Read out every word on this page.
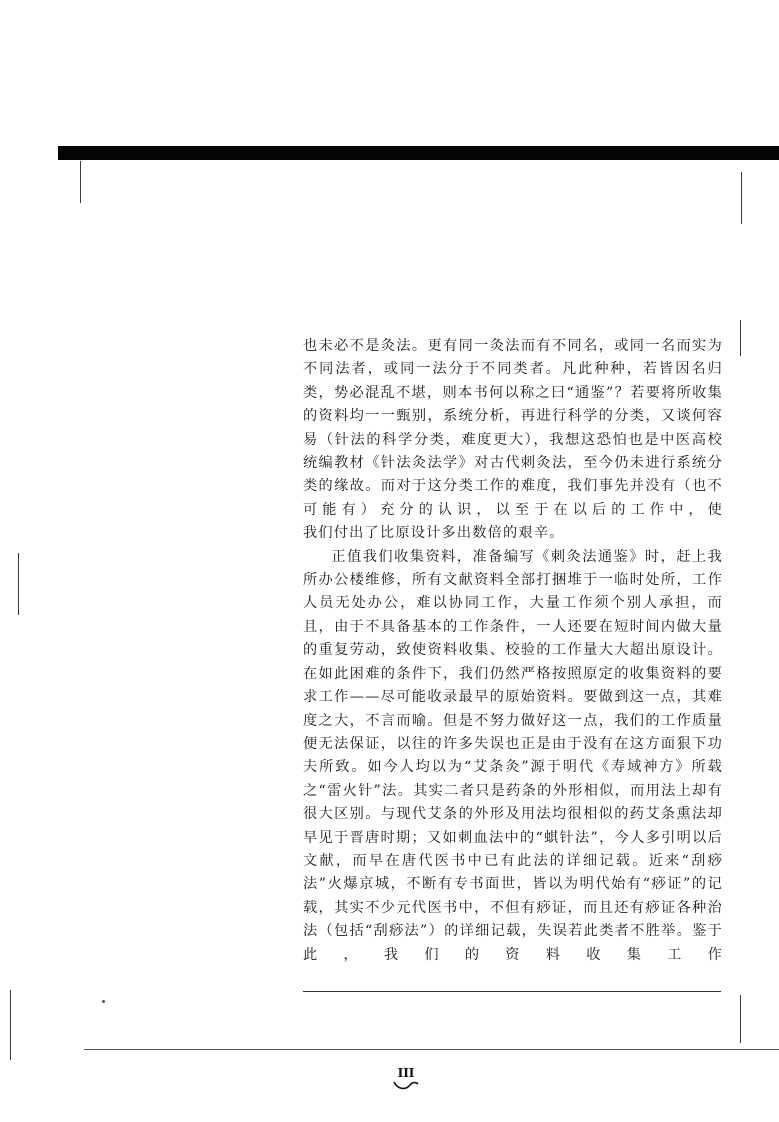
也未必不是灸法。更有同一灸法而有不同名，或同一名而实为不同法者，或同一法分于不同类者。凡此种种，若皆因名归类，势必混乱不堪，则本书何以称之曰“通鉴”？若要将所收集的资料均一一甄别，系统分析，再进行科学的分类，又谈何容易（针法的科学分类，难度更大），我想这恐怕也是中医高校统编教材《针法灸法学》对古代刺灸法，至今仍未进行系统分类的缘故。而对于这分类工作的难度，我们事先并没有（也不可能有）充分的认识，以至于在以后的工作中，使
我们付出了比原设计多出数倍的艰辛。

正值我们收集资料，准备编写《刺灸法通鉴》时，赶上我所办公楼维修，所有文献资料全部打捆堆于一临时处所，工作人员无处办公，难以协同工作，大量工作须个别人承担，而且，由于不具备基本的工作条件，一人还要在短时间内做大量的重复劳动，致使资料收集、校验的工作量大大超出原设计。在如此困难的条件下，我们仍然严格按照原定的收集资料的要求工作——尽可能收录最早的原始资料。要做到这一点，其难度之大，不言而喻。但是不努力做好这一点，我们的工作质量便无法保证，以往的许多失误也正是由于没有在这方面狠下功夫所致。如今人均以为“艾条灸”源于明代《寿域神方》所载之“雷火针”法。其实二者只是药条的外形相似，而用法上却有很大区别。与现代艾条的外形及用法均很相似的药艾条熏法却早见于晋唐时期；又如刺血法中的“蜞针法”，今人多引明以后文献，而早在唐代医书中已有此法的详细记载。近来“刮痧法”火爆京城，不断有专书面世，皆以为明代始有“痧证”的记载，其实不少元代医书中，不但有痧证，而且还有痧证各种治法（包括“刮痧法”）的详细记载，失误若此类者不胜举。鉴于此，我们的资料收集工作

III
